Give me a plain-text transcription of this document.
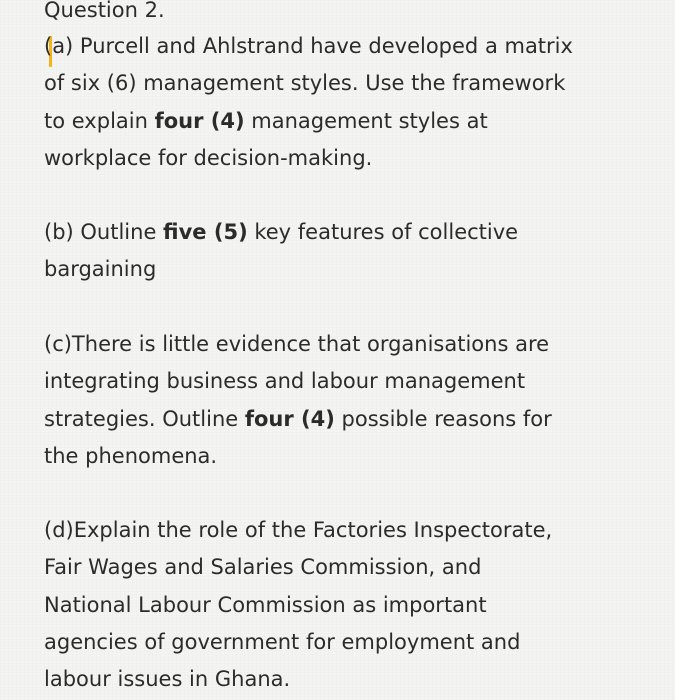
Question 2.

(a) Purcell and Ahlstrand have developed a matrix
of six (6) management styles. Use the framework
to explain four (4) management styles at
workplace for decision-making.

(b) Outline five (5) key features of collective
bargaining

(c)There is little evidence that organisations are
integrating business and labour management
strategies. Outline four (4) possible reasons for
the phenomena.

(d)Explain the role of the Factories Inspectorate,
Fair Wages and Salaries Commission, and
National Labour Commission as important
agencies of government for employment and
labour issues in Ghana.
